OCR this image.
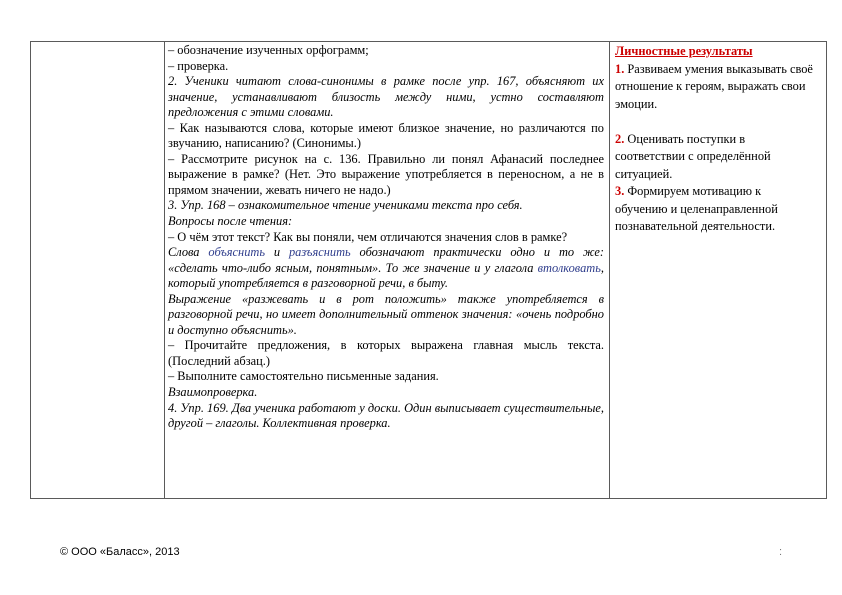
– обозначение изученных орфограмм;

– проверка.

2. Ученики читают слова-синонимы в рамке после упр. 167, объясняют их значение, устанавливают близость между ними, устно составляют предложения с этими словами.

– Как называются слова, которые имеют близкое значение, но различаются по звучанию, написанию? (Синонимы.)

– Рассмотрите рисунок на с. 136. Правильно ли понял Афанасий последнее выражение в рамке? (Нет. Это выражение употребляется в переносном, а не в прямом значении, жевать ничего не надо.)

3. Упр. 168 – ознакомительное чтение учениками текста про себя.

Вопросы после чтения:

– О чём этот текст? Как вы поняли, чем отличаются значения слов в рамке?

Слова объяснить и разъяснить обозначают практически одно и то же: «сделать что-либо ясным, понятным». То же значение и у глагола втолковать, который употребляется в разговорной речи, в быту.

Выражение «разжевать и в рот положить» также употребляется в разговорной речи, но имеет дополнительный оттенок значения: «очень подробно и доступно объяснить».

– Прочитайте предложения, в которых выражена главная мысль текста. (Последний абзац.)

– Выполните самостоятельно письменные задания.

Взаимопроверка.

4. Упр. 169. Два ученика работают у доски. Один выписывает существительные, другой – глаголы. Коллективная проверка.

Личностные результаты

1. Развиваем умения выказывать своё отношение к героям, выражать свои эмоции.

2. Оценивать поступки в соответствии с определённой ситуацией.

3. Формируем мотивацию к обучению и целенаправленной познавательной деятельности.

© ООО «Баласс», 2013	:
